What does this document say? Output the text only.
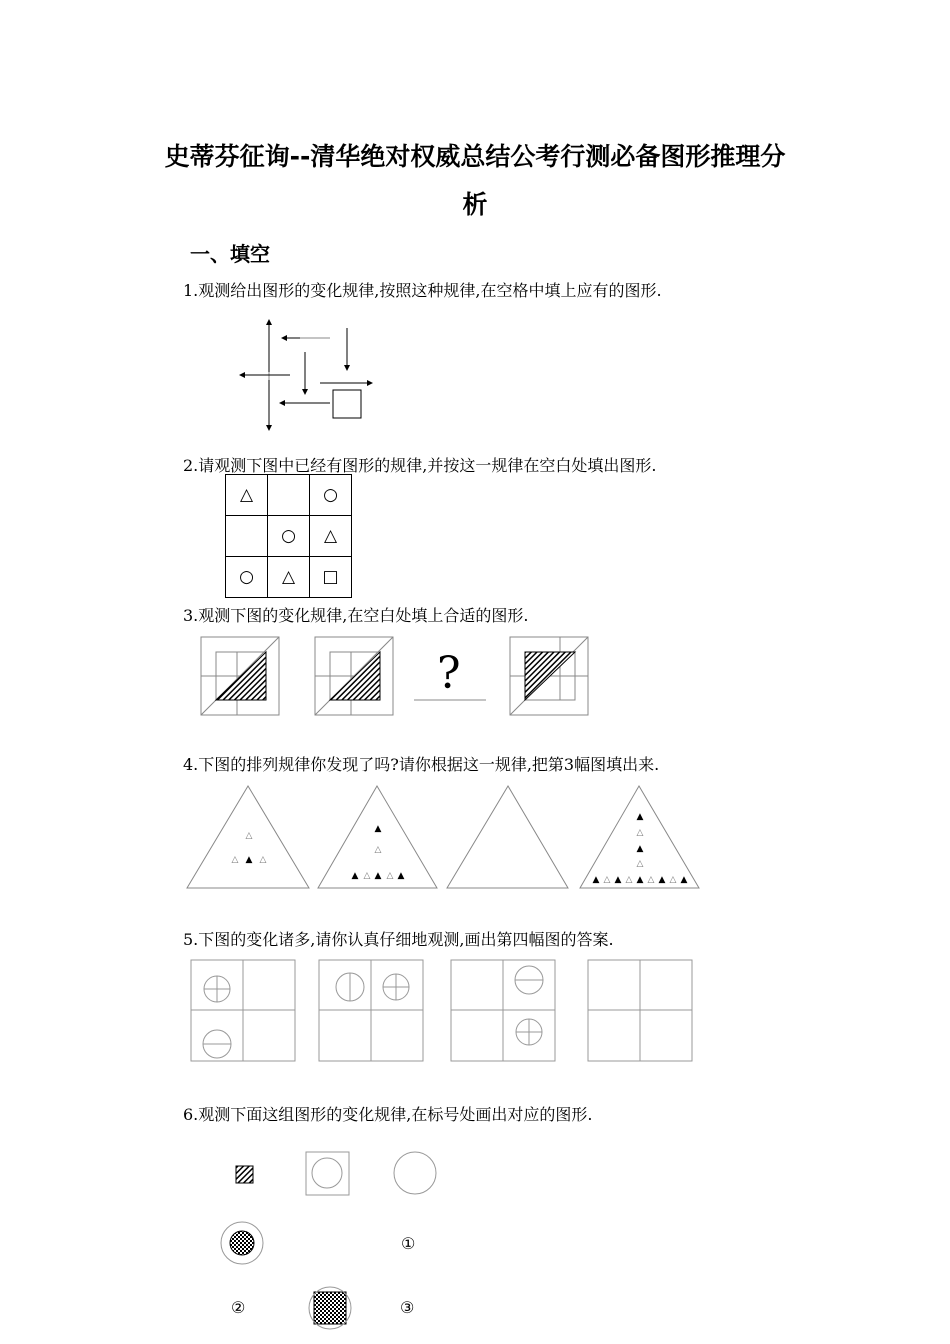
史蒂芬征询--清华绝对权威总结公考行测必备图形推理分
析
一、填空
1.观测给出图形的变化规律,按照这种规律,在空格中填上应有的图形.
2.请观测下图中已经有图形的规律,并按这一规律在空白处填出图形.
△		○
	○	△
○	△	□
3.观测下图的变化规律,在空白处填上合适的图形.
?
4.下图的排列规律你发现了吗?请你根据这一规律,把第3幅图填出来.
△
△ ▲ △
▲
△
▲ △ ▲ △ ▲
▲
△
▲
△
▲ △ ▲ △ ▲ △ ▲ △ ▲
5.下图的变化诸多,请你认真仔细地观测,画出第四幅图的答案.
6.观测下面这组图形的变化规律,在标号处画出对应的图形.
①
②	③
